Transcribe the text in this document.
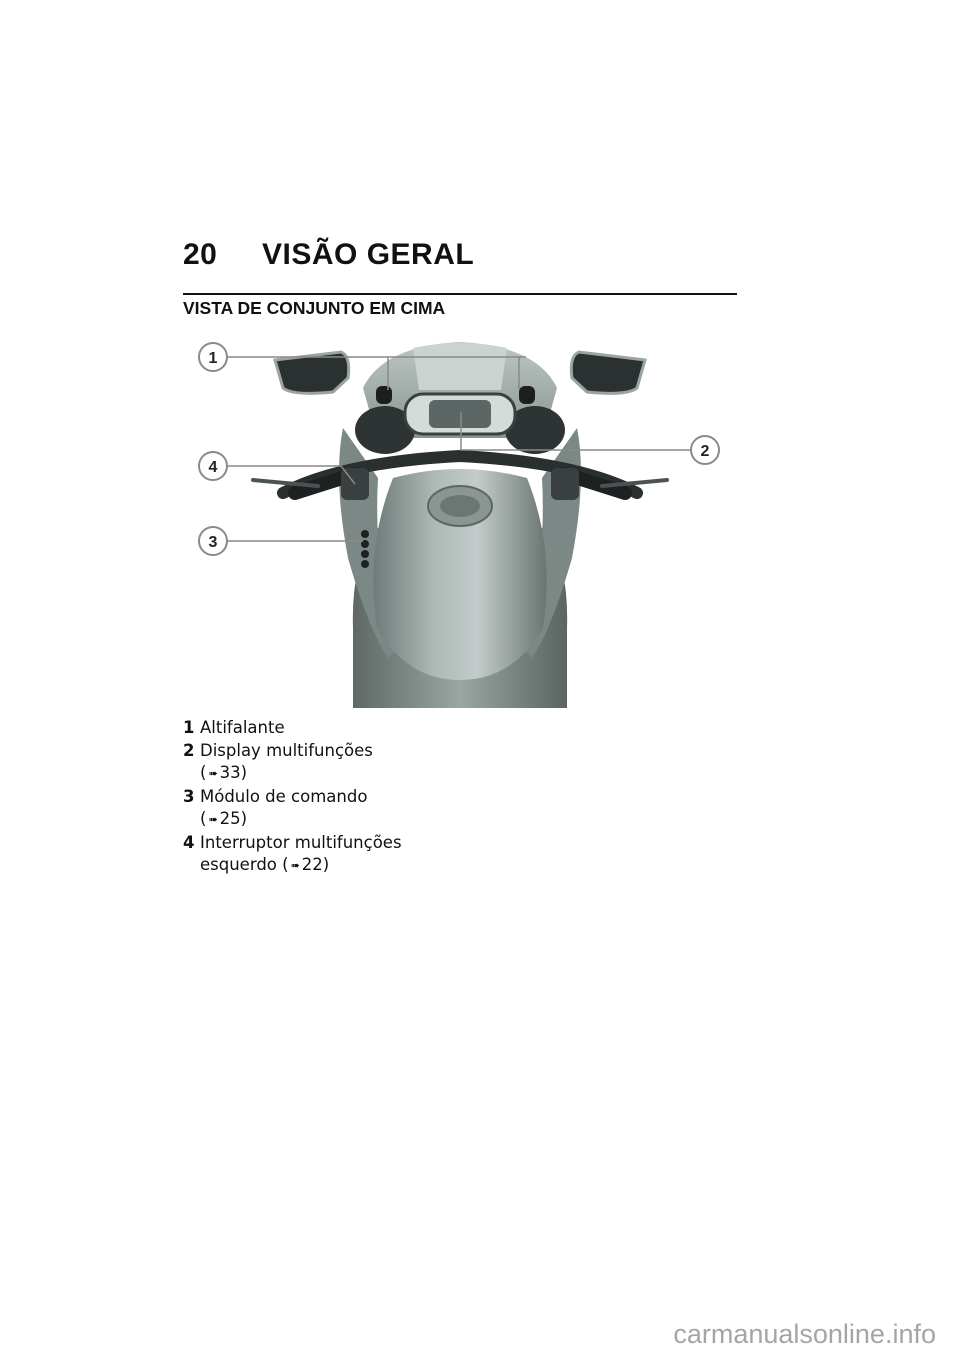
20 VISÃO GERAL
VISTA DE CONJUNTO EM CIMA
1
2
4
3
1 Altifalante
2 Display multifunções
( ➠ 33)
3 Módulo de comando
( ➠ 25)
4 Interruptor multifunções
esquerdo ( ➠ 22)
carmanualsonline.info
